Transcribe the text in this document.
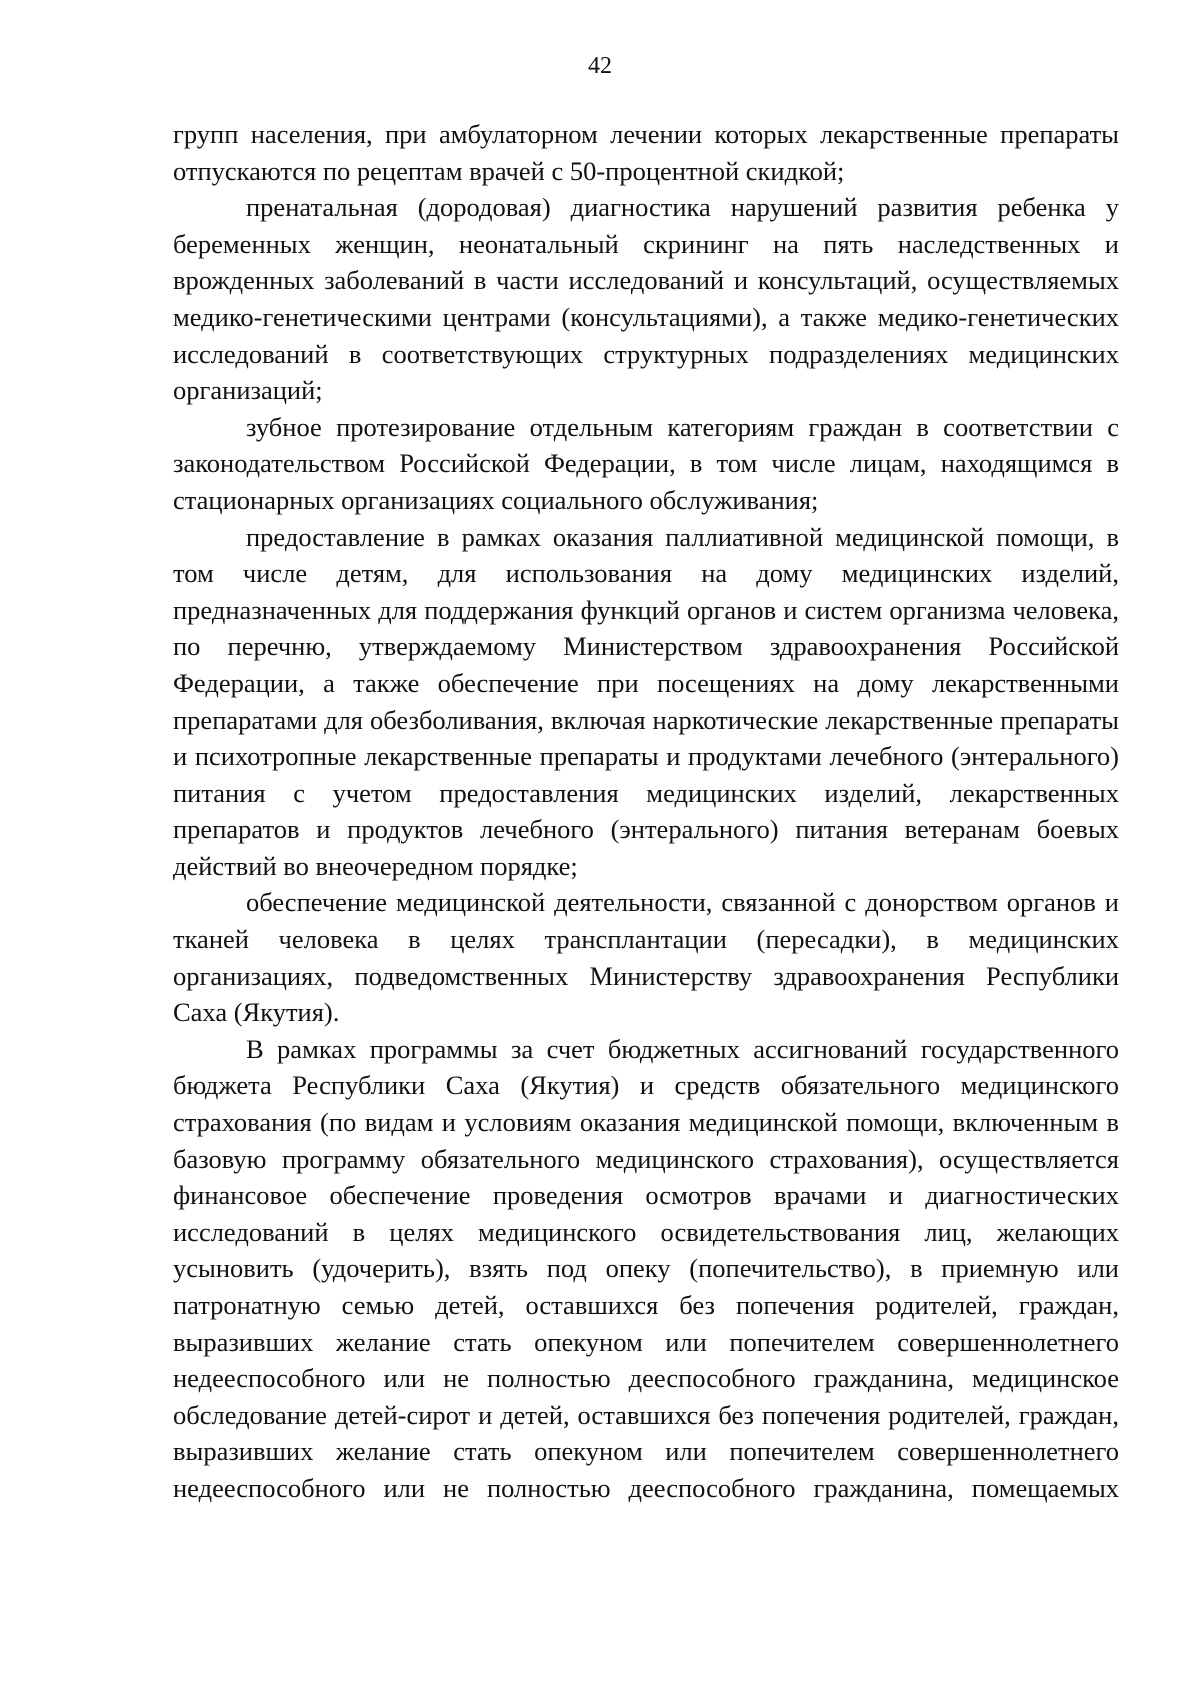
42

групп населения, при амбулаторном лечении которых лекарственные препараты отпускаются по рецептам врачей с 50-процентной скидкой;

пренатальная (дородовая) диагностика нарушений развития ребенка у беременных женщин, неонатальный скрининг на пять наследственных и врожденных заболеваний в части исследований и консультаций, осуществляемых медико-генетическими центрами (консультациями), а также медико-генетических исследований в соответствующих структурных подразделениях медицинских организаций;

зубное протезирование отдельным категориям граждан в соответствии с законодательством Российской Федерации, в том числе лицам, находящимся в стационарных организациях социального обслуживания;

предоставление в рамках оказания паллиативной медицинской помощи, в том числе детям, для использования на дому медицинских изделий, предназначенных для поддержания функций органов и систем организма человека, по перечню, утверждаемому Министерством здравоохранения Российской Федерации, а также обеспечение при посещениях на дому лекарственными препаратами для обезболивания, включая наркотические лекарственные препараты и психотропные лекарственные препараты и продуктами лечебного (энтерального) питания с учетом предоставления медицинских изделий, лекарственных препаратов и продуктов лечебного (энтерального) питания ветеранам боевых действий во внеочередном порядке;

обеспечение медицинской деятельности, связанной с донорством органов и тканей человека в целях трансплантации (пересадки), в медицинских организациях, подведомственных Министерству здравоохранения Республики Саха (Якутия).

В рамках программы за счет бюджетных ассигнований государственного бюджета Республики Саха (Якутия) и средств обязательного медицинского страхования (по видам и условиям оказания медицинской помощи, включенным в базовую программу обязательного медицинского страхования), осуществляется финансовое обеспечение проведения осмотров врачами и диагностических исследований в целях медицинского освидетельствования лиц, желающих усыновить (удочерить), взять под опеку (попечительство), в приемную или патронатную семью детей, оставшихся без попечения родителей, граждан, выразивших желание стать опекуном или попечителем совершеннолетнего недееспособного или не полностью дееспособного гражданина, медицинское обследование детей-сирот и детей, оставшихся без попечения родителей, граждан, выразивших желание стать опекуном или попечителем совершеннолетнего недееспособного или не полностью дееспособного гражданина, помещаемых
